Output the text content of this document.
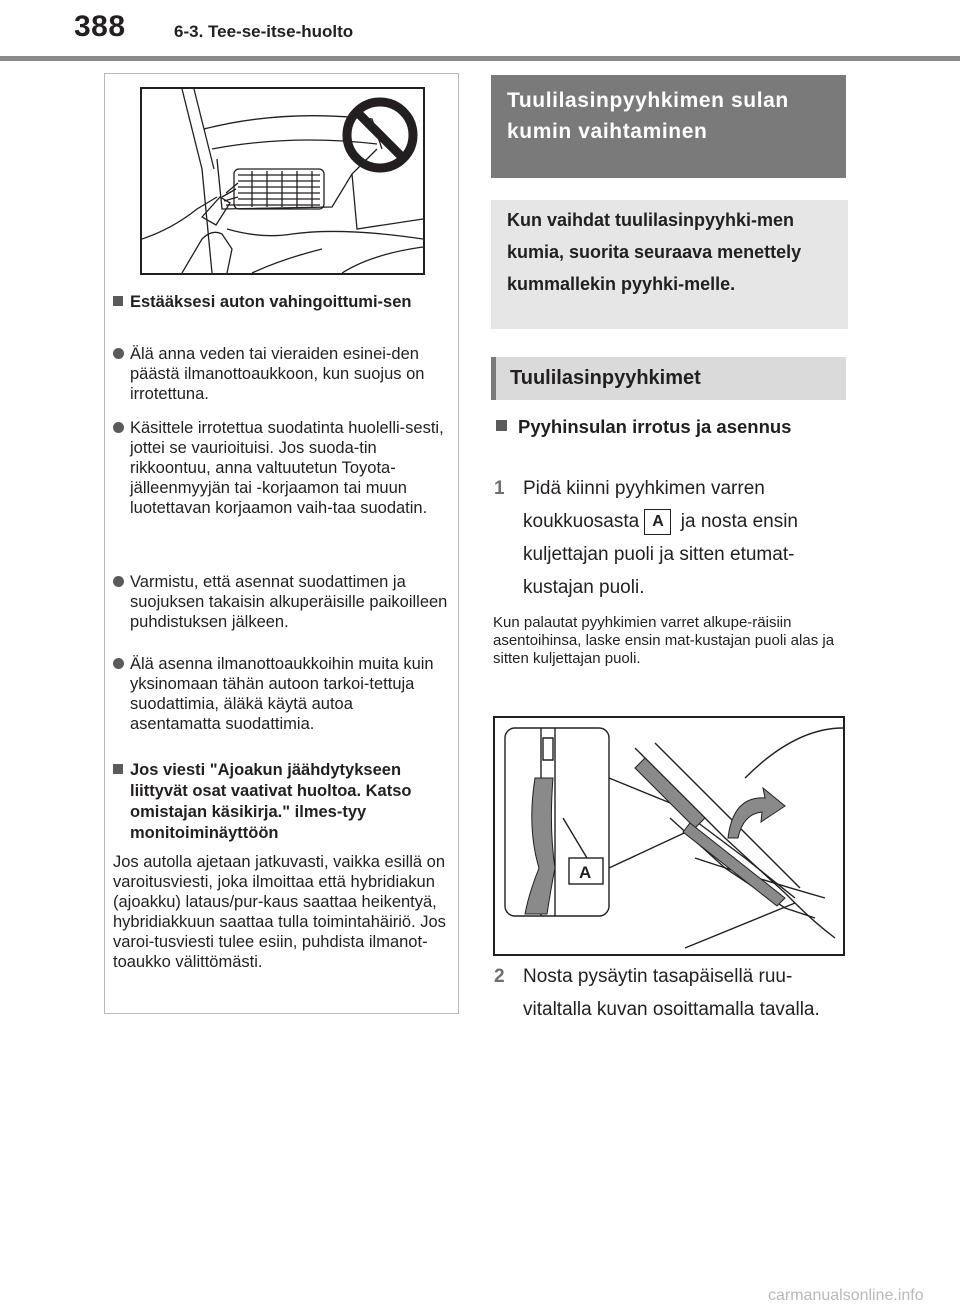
388	6-3. Tee-se-itse-huolto
Estääksesi auton vahingoittumi-sen
Älä anna veden tai vieraiden esinei-den päästä ilmanottoaukkoon, kun suojus on irrotettuna.
Käsittele irrotettua suodatinta huolelli-sesti, jottei se vaurioituisi. Jos suoda-tin rikkoontuu, anna valtuutetun Toyota-jälleenmyyjän tai -korjaamon tai muun luotettavan korjaamon vaih-taa suodatin.
Varmistu, että asennat suodattimen ja suojuksen takaisin alkuperäisille paikoilleen puhdistuksen jälkeen.
Älä asenna ilmanottoaukkoihin muita kuin yksinomaan tähän autoon tarkoi-tettuja suodattimia, äläkä käytä autoa asentamatta suodattimia.
Jos viesti "Ajoakun jäähdytykseen liittyvät osat vaativat huoltoa. Katso omistajan käsikirja." ilmes-tyy monitoiminäyttöön
Jos autolla ajetaan jatkuvasti, vaikka esillä on varoitusviesti, joka ilmoittaa että hybridiakun (ajoakku) lataus/pur-kaus saattaa heikentyä, hybridiakkuun saattaa tulla toimintahäiriö. Jos varoi-tusviesti tulee esiin, puhdista ilmanot-toaukko välittömästi.
Tuulilasinpyyhkimen sulan kumin vaihtaminen
Kun vaihdat tuulilasinpyyhki-men kumia, suorita seuraava menettely kummallekin pyyhki-melle.
Tuulilasinpyyhkimet
Pyyhinsulan irrotus ja asennus
1 Pidä kiinni pyyhkimen varren koukkuosasta A ja nosta ensin kuljettajan puoli ja sitten etumat-kustajan puoli.
Kun palautat pyyhkimien varret alkupe-räisiin asentoihinsa, laske ensin mat-kustajan puoli alas ja sitten kuljettajan puoli.
A
2 Nosta pysäytin tasapäisellä ruu-vitaltalla kuvan osoittamalla tavalla.
carmanualsonline.info
